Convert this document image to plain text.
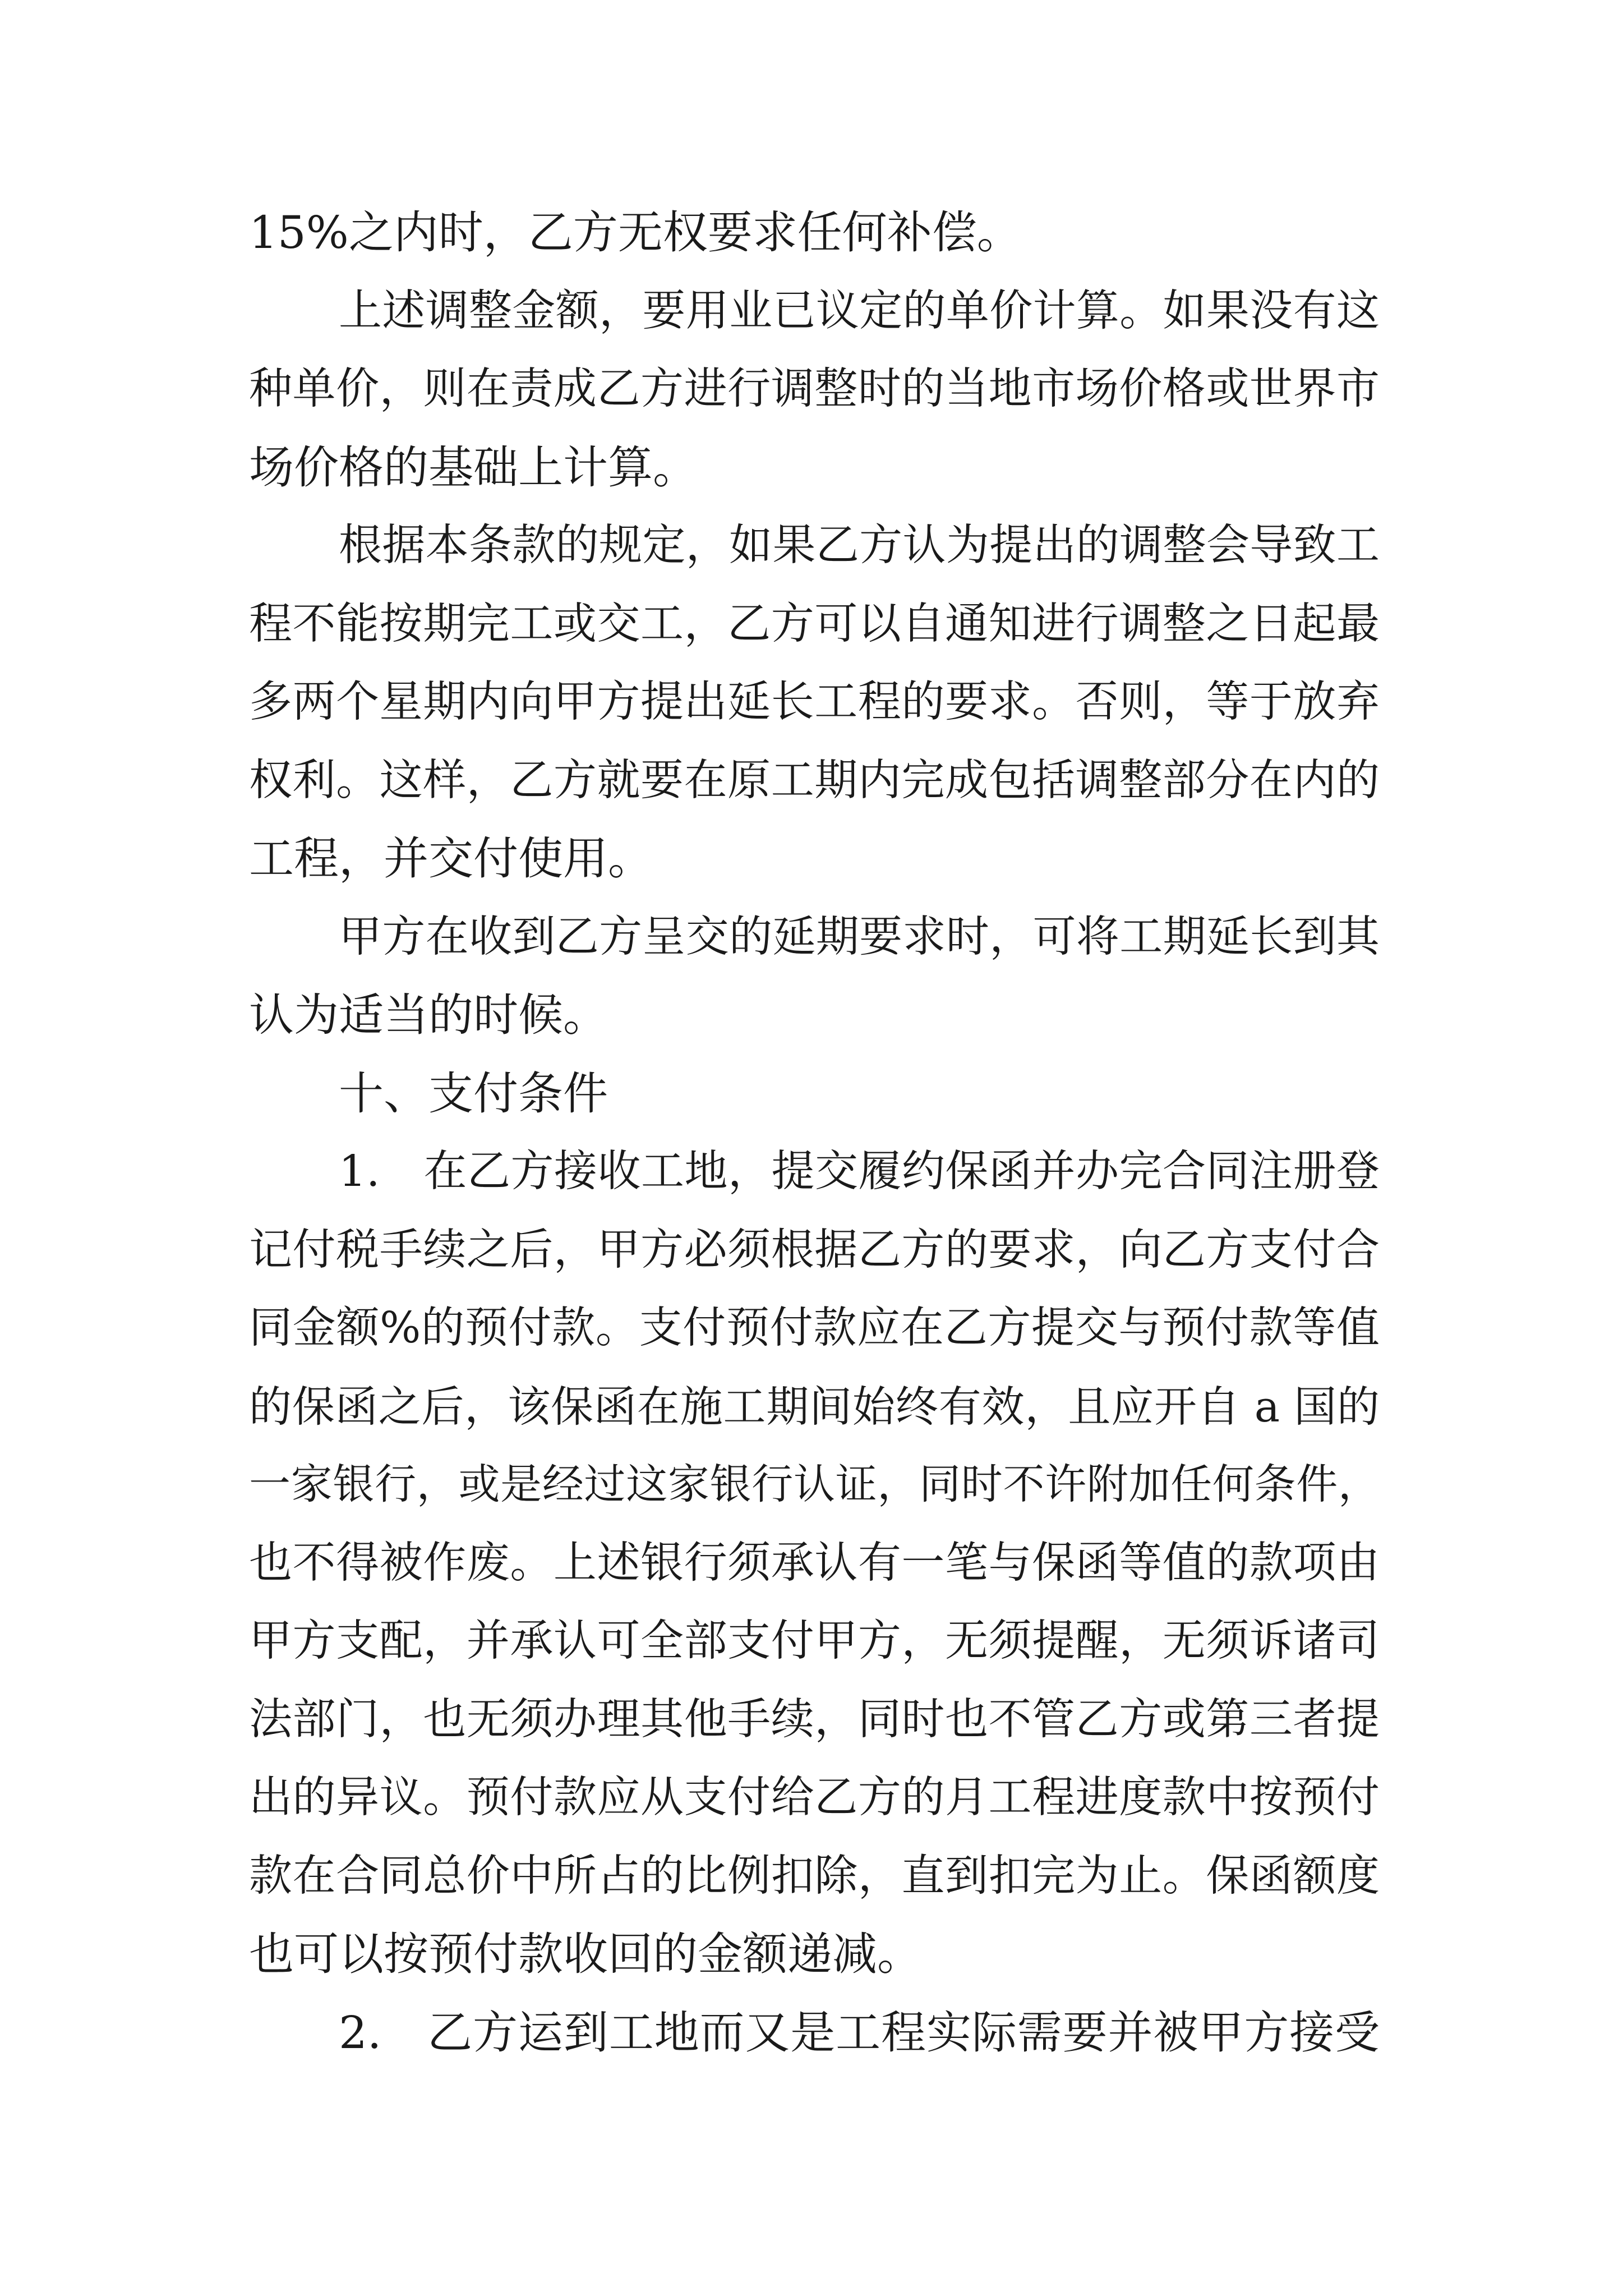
15%之内时，乙方无权要求任何补偿。
上述调整金额，要用业已议定的单价计算。如果没有这
种单价，则在责成乙方进行调整时的当地市场价格或世界市
场价格的基础上计算。
根据本条款的规定，如果乙方认为提出的调整会导致工
程不能按期完工或交工，乙方可以自通知进行调整之日起最
多两个星期内向甲方提出延长工程的要求。否则，等于放弃
权利。这样，乙方就要在原工期内完成包括调整部分在内的
工程，并交付使用。
甲方在收到乙方呈交的延期要求时，可将工期延长到其
认为适当的时候。
十、支付条件
1.　在乙方接收工地，提交履约保函并办完合同注册登
记付税手续之后，甲方必须根据乙方的要求，向乙方支付合
同金额%的预付款。支付预付款应在乙方提交与预付款等值
的保函之后，该保函在施工期间始终有效，且应开自 a 国的
一家银行，或是经过这家银行认证，同时不许附加任何条件，
也不得被作废。上述银行须承认有一笔与保函等值的款项由
甲方支配，并承认可全部支付甲方，无须提醒，无须诉诸司
法部门，也无须办理其他手续，同时也不管乙方或第三者提
出的异议。预付款应从支付给乙方的月工程进度款中按预付
款在合同总价中所占的比例扣除，直到扣完为止。保函额度
也可以按预付款收回的金额递减。
2.　乙方运到工地而又是工程实际需要并被甲方接受
